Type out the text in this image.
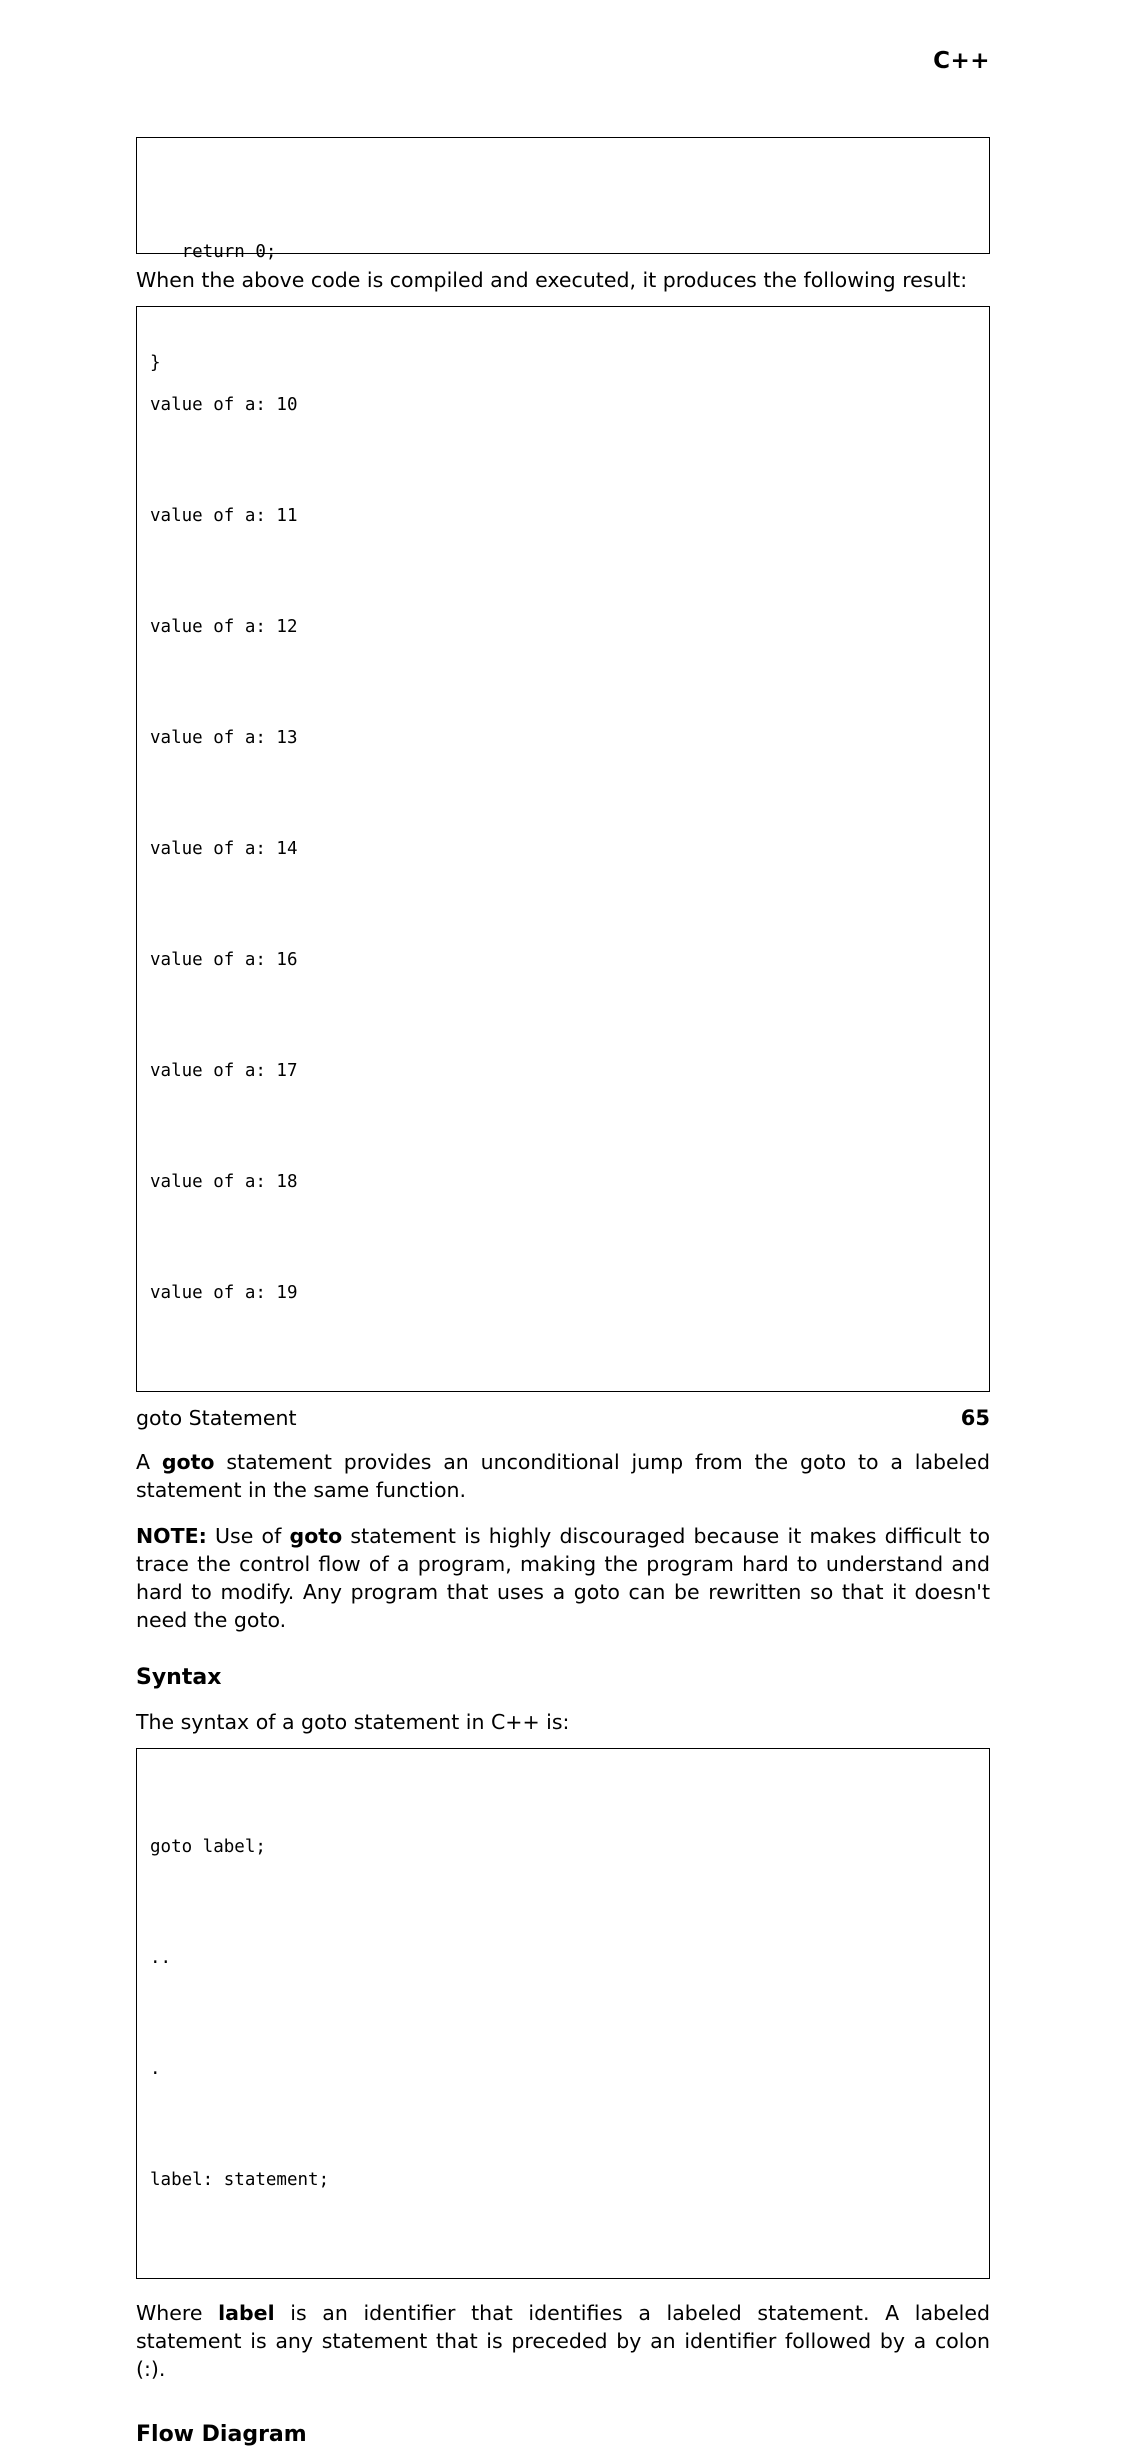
C++

return 0;

}

When the above code is compiled and executed, it produces the following result:

value of a: 10

value of a: 11

value of a: 12

value of a: 13

value of a: 14

value of a: 16

value of a: 17

value of a: 18

value of a: 19

goto Statement

A goto statement provides an unconditional jump from the goto to a labeled statement in the same function.

NOTE: Use of goto statement is highly discouraged because it makes difficult to trace the control flow of a program, making the program hard to understand and hard to modify. Any program that uses a goto can be rewritten so that it doesn't need the goto.

Syntax

The syntax of a goto statement in C++ is:

goto label;

..

.

label: statement;

Where label is an identifier that identifies a labeled statement. A labeled statement is any statement that is preceded by an identifier followed by a colon (:).

Flow Diagram
65
